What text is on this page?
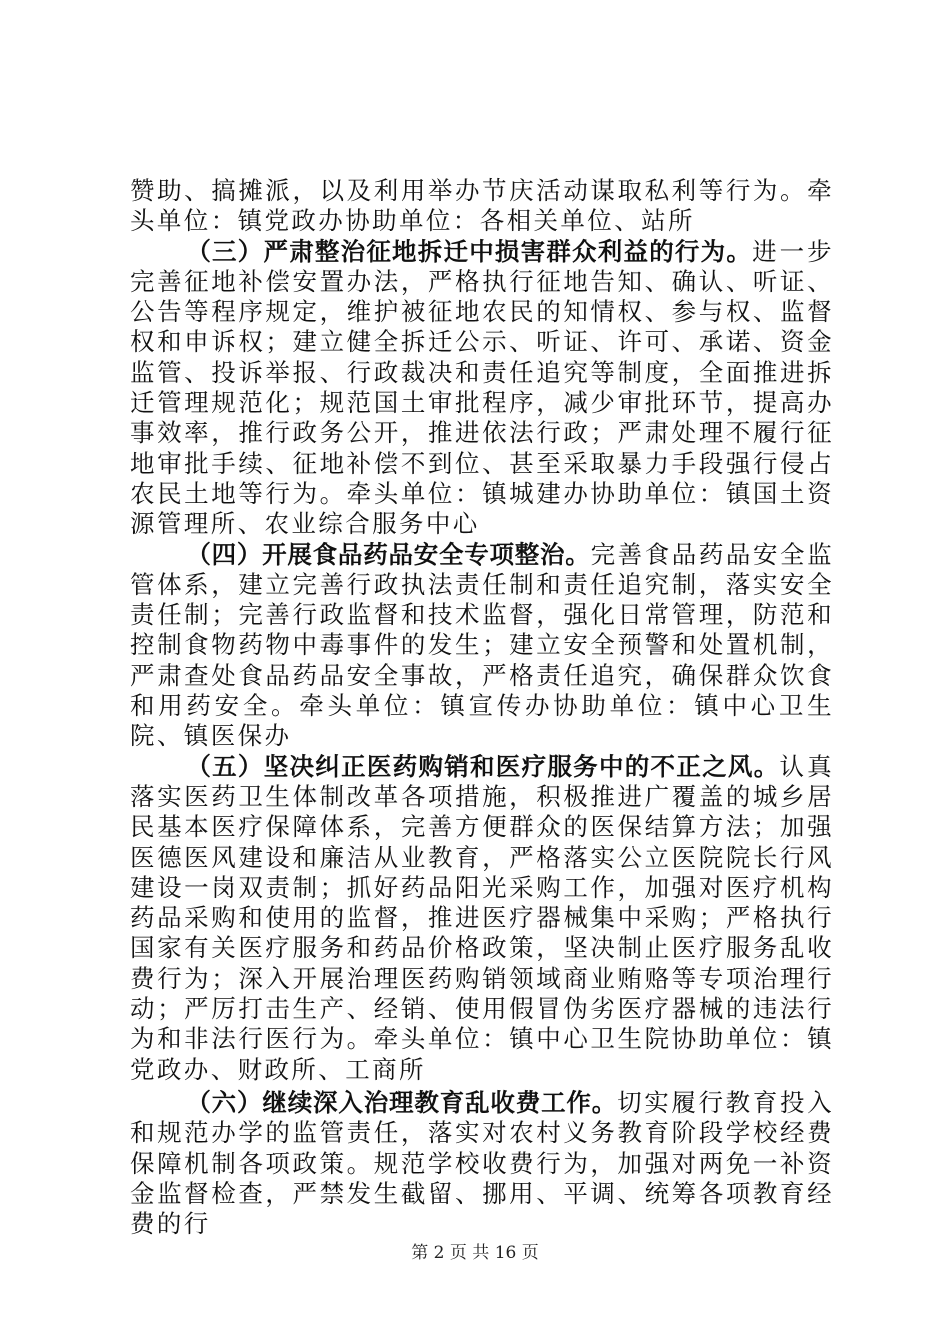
赞助、搞摊派，以及利用举办节庆活动谋取私利等行为。牵头单位：镇党政办协助单位：各相关单位、站所

（三）严肃整治征地拆迁中损害群众利益的行为。进一步完善征地补偿安置办法，严格执行征地告知、确认、听证、公告等程序规定，维护被征地农民的知情权、参与权、监督权和申诉权；建立健全拆迁公示、听证、许可、承诺、资金监管、投诉举报、行政裁决和责任追究等制度，全面推进拆迁管理规范化；规范国土审批程序，减少审批环节，提高办事效率，推行政务公开，推进依法行政；严肃处理不履行征地审批手续、征地补偿不到位、甚至采取暴力手段强行侵占农民土地等行为。牵头单位：镇城建办协助单位：镇国土资源管理所、农业综合服务中心

（四）开展食品药品安全专项整治。完善食品药品安全监管体系，建立完善行政执法责任制和责任追究制，落实安全责任制；完善行政监督和技术监督，强化日常管理，防范和控制食物药物中毒事件的发生；建立安全预警和处置机制，严肃查处食品药品安全事故，严格责任追究，确保群众饮食和用药安全。牵头单位：镇宣传办协助单位：镇中心卫生院、镇医保办

（五）坚决纠正医药购销和医疗服务中的不正之风。认真落实医药卫生体制改革各项措施，积极推进广覆盖的城乡居民基本医疗保障体系，完善方便群众的医保结算方法；加强医德医风建设和廉洁从业教育，严格落实公立医院院长行风建设一岗双责制；抓好药品阳光采购工作，加强对医疗机构药品采购和使用的监督，推进医疗器械集中采购；严格执行国家有关医疗服务和药品价格政策，坚决制止医疗服务乱收费行为；深入开展治理医药购销领域商业贿赂等专项治理行动；严厉打击生产、经销、使用假冒伪劣医疗器械的违法行为和非法行医行为。牵头单位：镇中心卫生院协助单位：镇党政办、财政所、工商所

（六）继续深入治理教育乱收费工作。切实履行教育投入和规范办学的监管责任，落实对农村义务教育阶段学校经费保障机制各项政策。规范学校收费行为，加强对两免一补资金监督检查，严禁发生截留、挪用、平调、统筹各项教育经费的行

第 2 页 共 16 页
